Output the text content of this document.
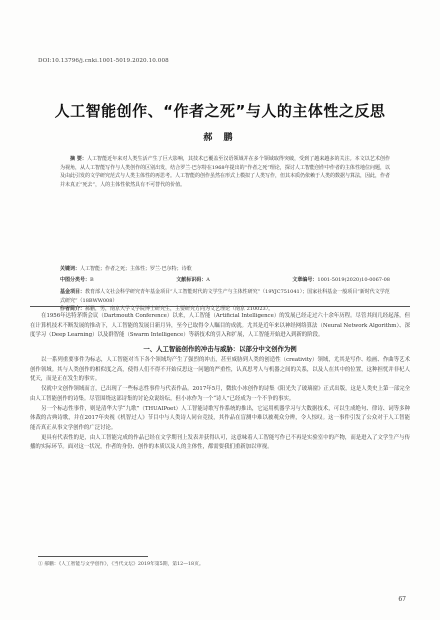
DOI:10.13796/j.cnki.1001-5019.2020.10.008
人工智能创作、“作者之死”与人的主体性之反思
郝 鹏

摘 要：人工智能近年来对人类生活产生了巨大影响，其技术已覆盖至汉语领域并在多个领域取得突破，受到了越来越多的关注。本文以艺术创作为视角，从人工智能写作与人类创作的区别出发，结合罗兰·巴尔特在1968年提出的“作者之死”理论，探讨人工智能创作中作者的主体性地位问题，以及由此引发的文学研究范式与人类主体性的再思考。人工智能的创作虽然在形式上模拟了人类写作，但其本质仍依赖于人类的数据与算法，因此，作者并未真正“死去”，人的主体性依然具有不可替代的价值。

关键词：人工智能；作者之死；主体性；罗兰·巴尔特；诗歌
中图分类号：B	文献标识码：A	文章编号：1001-5019(2020)10-0067-08
基金项目：教育部人文社会科学研究青年基金项目“人工智能时代的文学生产与主体性研究”（19YJC751041）；国家社科基金一般项目“新时代文学范式研究”（18BWW008）
作者简介：郝鹏，男，南京大学文学院博士研究生，主要研究方向为文艺理论（南京 210023）。

在1956年达特茅斯会议（Dartmouth Conference）以来，人工智能（Artificial Intelligence）的发展已经走过六十余年历程。尽管其间几经起落，但在计算机技术不断发展的推动下，人工智能的发展日新月异，至今已取得令人瞩目的成就。尤其是近年来以神经网络算法（Neural Network Algorithm）、深度学习（Deep Learning）以及群智能（Swarm Intelligence）等新技术的引入和扩展，人工智能开始进入到新的阶段。

一、人工智能创作的冲击与威胁：以部分中文创作为例

以一系列重要事件为标志，人工智能对当下各个领域均产生了强烈的冲击，甚至威胁到人类的创造性（creativity）领域，尤其是写作、绘画、作曲等艺术创作领域。其与人类创作的相似度之高，使得人们不得不开始反思这一问题的严重性，认真思考人与机器之间的关系，以及人在其中的位置，这种担忧并非杞人忧天，而是正在发生的事实。

仅就中文创作领域而言，已出现了一些标志性事件与代表作品。2017年5月，微软小冰创作的诗集《阳光失了玻璃窗》正式出版，这是人类史上第一部完全由人工智能创作的诗集。尽管围绕这部诗集的讨论众说纷纭，但小冰作为一个“诗人”已经成为一个不争的事实。

另一个标志性事件，则是清华大学“九歌”（THUAIPoet）人工智能诗歌写作系统的推出，它运用机器学习与大数据技术，可以生成绝句、律诗、词等多种体裁的古典诗歌，并在2017年央视《机智过人》节目中与人类诗人同台竞技，其作品在盲测中难以被观众分辨，令人惊叹。这一事件引发了公众对于人工智能能否真正从事文学创作的广泛讨论。

更具有代表性的是，由人工智能完成的作品已经在文学期刊上发表并获得认可，这意味着人工智能写作已不再是实验室中的产物，而是进入了文学生产与传播的实际环节。面对这一状况，作者的身份、创作的本质以及人的主体性，都需要我们重新加以审视。

① 郝鹏：《人工智能与文学创作》，《当代文坛》2019年第5期，第12—18页。
67
